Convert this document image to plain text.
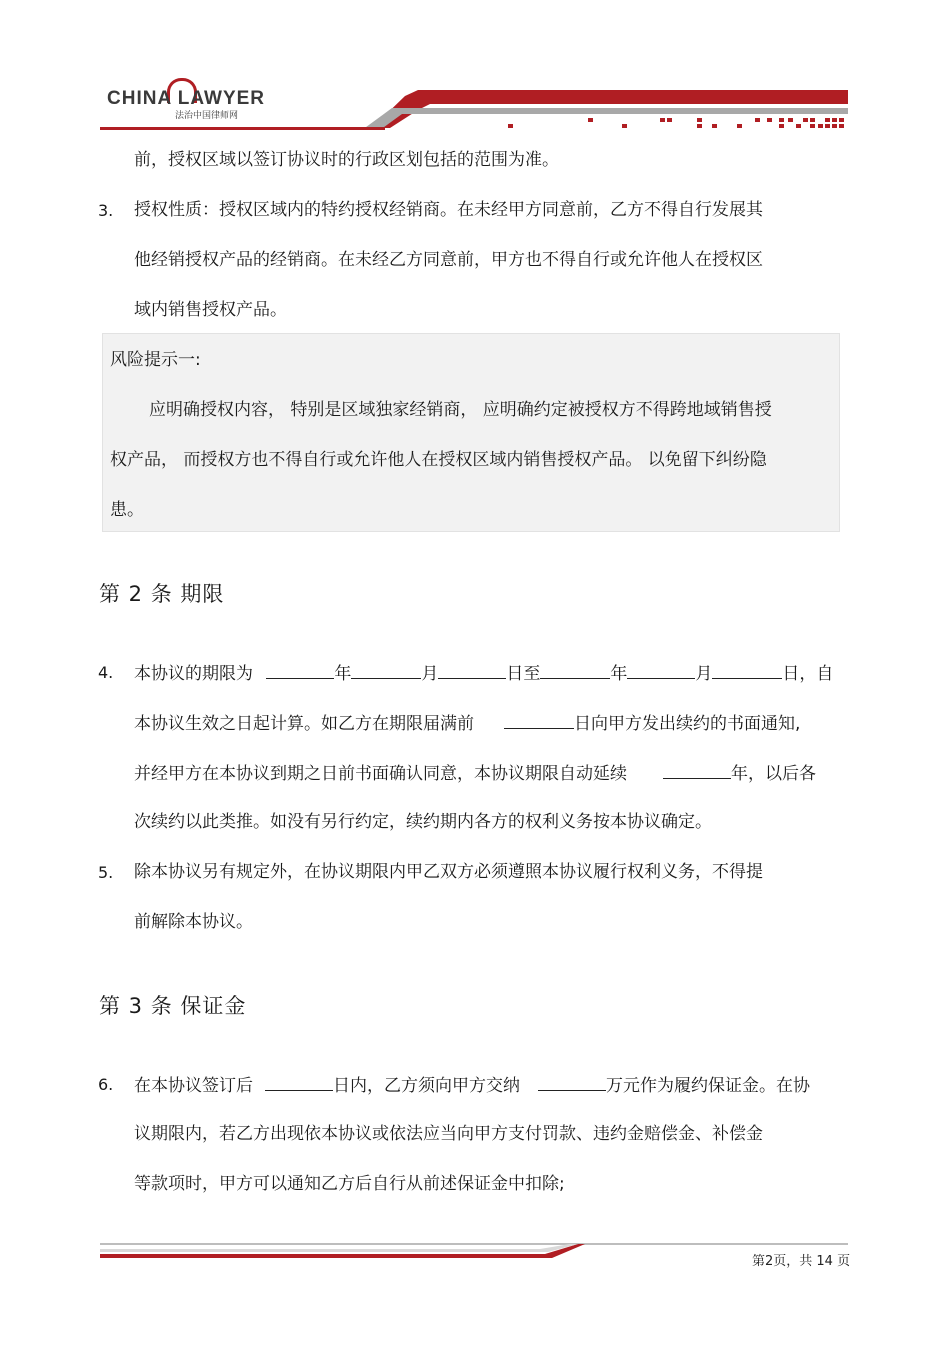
CHINA LAWYER
法治中国律师网
前，授权区域以签订协议时的行政区划包括的范围为准。
3. 授权性质：授权区域内的特约授权经销商。在未经甲方同意前，乙方不得自行发展其
他经销授权产品的经销商。在未经乙方同意前，甲方也不得自行或允许他人在授权区
域内销售授权产品。
风险提示一:
应明确授权内容， 特别是区域独家经销商， 应明确约定被授权方不得跨地域销售授
权产品， 而授权方也不得自行或允许他人在授权区域内销售授权产品。 以免留下纠纷隐
患。
第 2 条 期限
4. 本协议的期限为	年	月	日至	年	月	日，自
本协议生效之日起计算。如乙方在期限届满前	日向甲方发出续约的书面通知,
并经甲方在本协议到期之日前书面确认同意，本协议期限自动延续	年，以后各
次续约以此类推。如没有另行约定，续约期内各方的权利义务按本协议确定。
5. 除本协议另有规定外，在协议期限内甲乙双方必须遵照本协议履行权利义务，不得提
前解除本协议。
第 3 条 保证金
6. 在本协议签订后	日内，乙方须向甲方交纳	万元作为履约保证金。在协
议期限内，若乙方出现依本协议或依法应当向甲方支付罚款、违约金赔偿金、补偿金
等款项时，甲方可以通知乙方后自行从前述保证金中扣除;
第2页，共 14 页
